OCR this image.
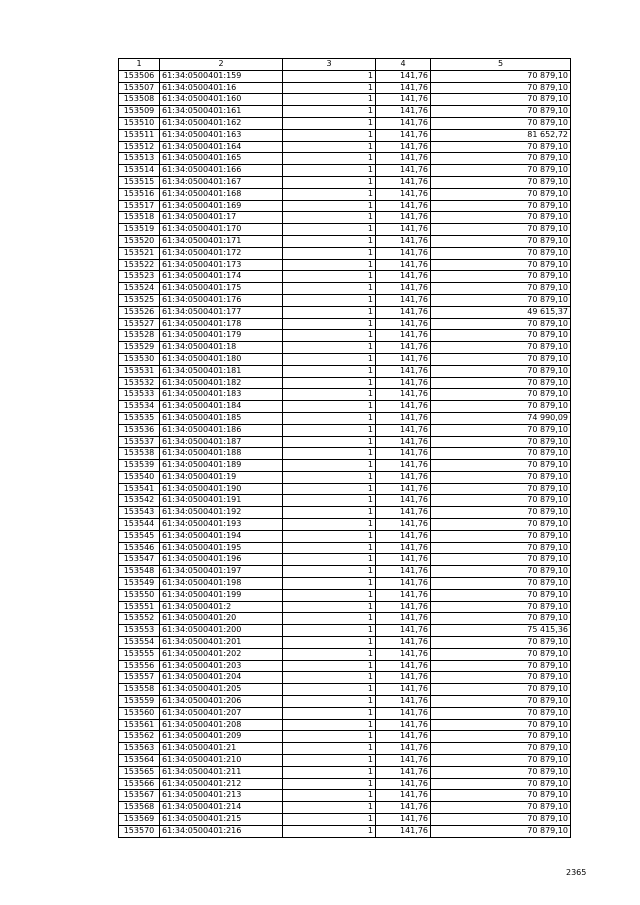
1	2	3	4	5
153506	61:34:0500401:159	1	141,76	70 879,10
153507	61:34:0500401:16	1	141,76	70 879,10
153508	61:34:0500401:160	1	141,76	70 879,10
153509	61:34:0500401:161	1	141,76	70 879,10
153510	61:34:0500401:162	1	141,76	70 879,10
153511	61:34:0500401:163	1	141,76	81 652,72
153512	61:34:0500401:164	1	141,76	70 879,10
153513	61:34:0500401:165	1	141,76	70 879,10
153514	61:34:0500401:166	1	141,76	70 879,10
153515	61:34:0500401:167	1	141,76	70 879,10
153516	61:34:0500401:168	1	141,76	70 879,10
153517	61:34:0500401:169	1	141,76	70 879,10
153518	61:34:0500401:17	1	141,76	70 879,10
153519	61:34:0500401:170	1	141,76	70 879,10
153520	61:34:0500401:171	1	141,76	70 879,10
153521	61:34:0500401:172	1	141,76	70 879,10
153522	61:34:0500401:173	1	141,76	70 879,10
153523	61:34:0500401:174	1	141,76	70 879,10
153524	61:34:0500401:175	1	141,76	70 879,10
153525	61:34:0500401:176	1	141,76	70 879,10
153526	61:34:0500401:177	1	141,76	49 615,37
153527	61:34:0500401:178	1	141,76	70 879,10
153528	61:34:0500401:179	1	141,76	70 879,10
153529	61:34:0500401:18	1	141,76	70 879,10
153530	61:34:0500401:180	1	141,76	70 879,10
153531	61:34:0500401:181	1	141,76	70 879,10
153532	61:34:0500401:182	1	141,76	70 879,10
153533	61:34:0500401:183	1	141,76	70 879,10
153534	61:34:0500401:184	1	141,76	70 879,10
153535	61:34:0500401:185	1	141,76	74 990,09
153536	61:34:0500401:186	1	141,76	70 879,10
153537	61:34:0500401:187	1	141,76	70 879,10
153538	61:34:0500401:188	1	141,76	70 879,10
153539	61:34:0500401:189	1	141,76	70 879,10
153540	61:34:0500401:19	1	141,76	70 879,10
153541	61:34:0500401:190	1	141,76	70 879,10
153542	61:34:0500401:191	1	141,76	70 879,10
153543	61:34:0500401:192	1	141,76	70 879,10
153544	61:34:0500401:193	1	141,76	70 879,10
153545	61:34:0500401:194	1	141,76	70 879,10
153546	61:34:0500401:195	1	141,76	70 879,10
153547	61:34:0500401:196	1	141,76	70 879,10
153548	61:34:0500401:197	1	141,76	70 879,10
153549	61:34:0500401:198	1	141,76	70 879,10
153550	61:34:0500401:199	1	141,76	70 879,10
153551	61:34:0500401:2	1	141,76	70 879,10
153552	61:34:0500401:20	1	141,76	70 879,10
153553	61:34:0500401:200	1	141,76	75 415,36
153554	61:34:0500401:201	1	141,76	70 879,10
153555	61:34:0500401:202	1	141,76	70 879,10
153556	61:34:0500401:203	1	141,76	70 879,10
153557	61:34:0500401:204	1	141,76	70 879,10
153558	61:34:0500401:205	1	141,76	70 879,10
153559	61:34:0500401:206	1	141,76	70 879,10
153560	61:34:0500401:207	1	141,76	70 879,10
153561	61:34:0500401:208	1	141,76	70 879,10
153562	61:34:0500401:209	1	141,76	70 879,10
153563	61:34:0500401:21	1	141,76	70 879,10
153564	61:34:0500401:210	1	141,76	70 879,10
153565	61:34:0500401:211	1	141,76	70 879,10
153566	61:34:0500401:212	1	141,76	70 879,10
153567	61:34:0500401:213	1	141,76	70 879,10
153568	61:34:0500401:214	1	141,76	70 879,10
153569	61:34:0500401:215	1	141,76	70 879,10
153570	61:34:0500401:216	1	141,76	70 879,10
2365
